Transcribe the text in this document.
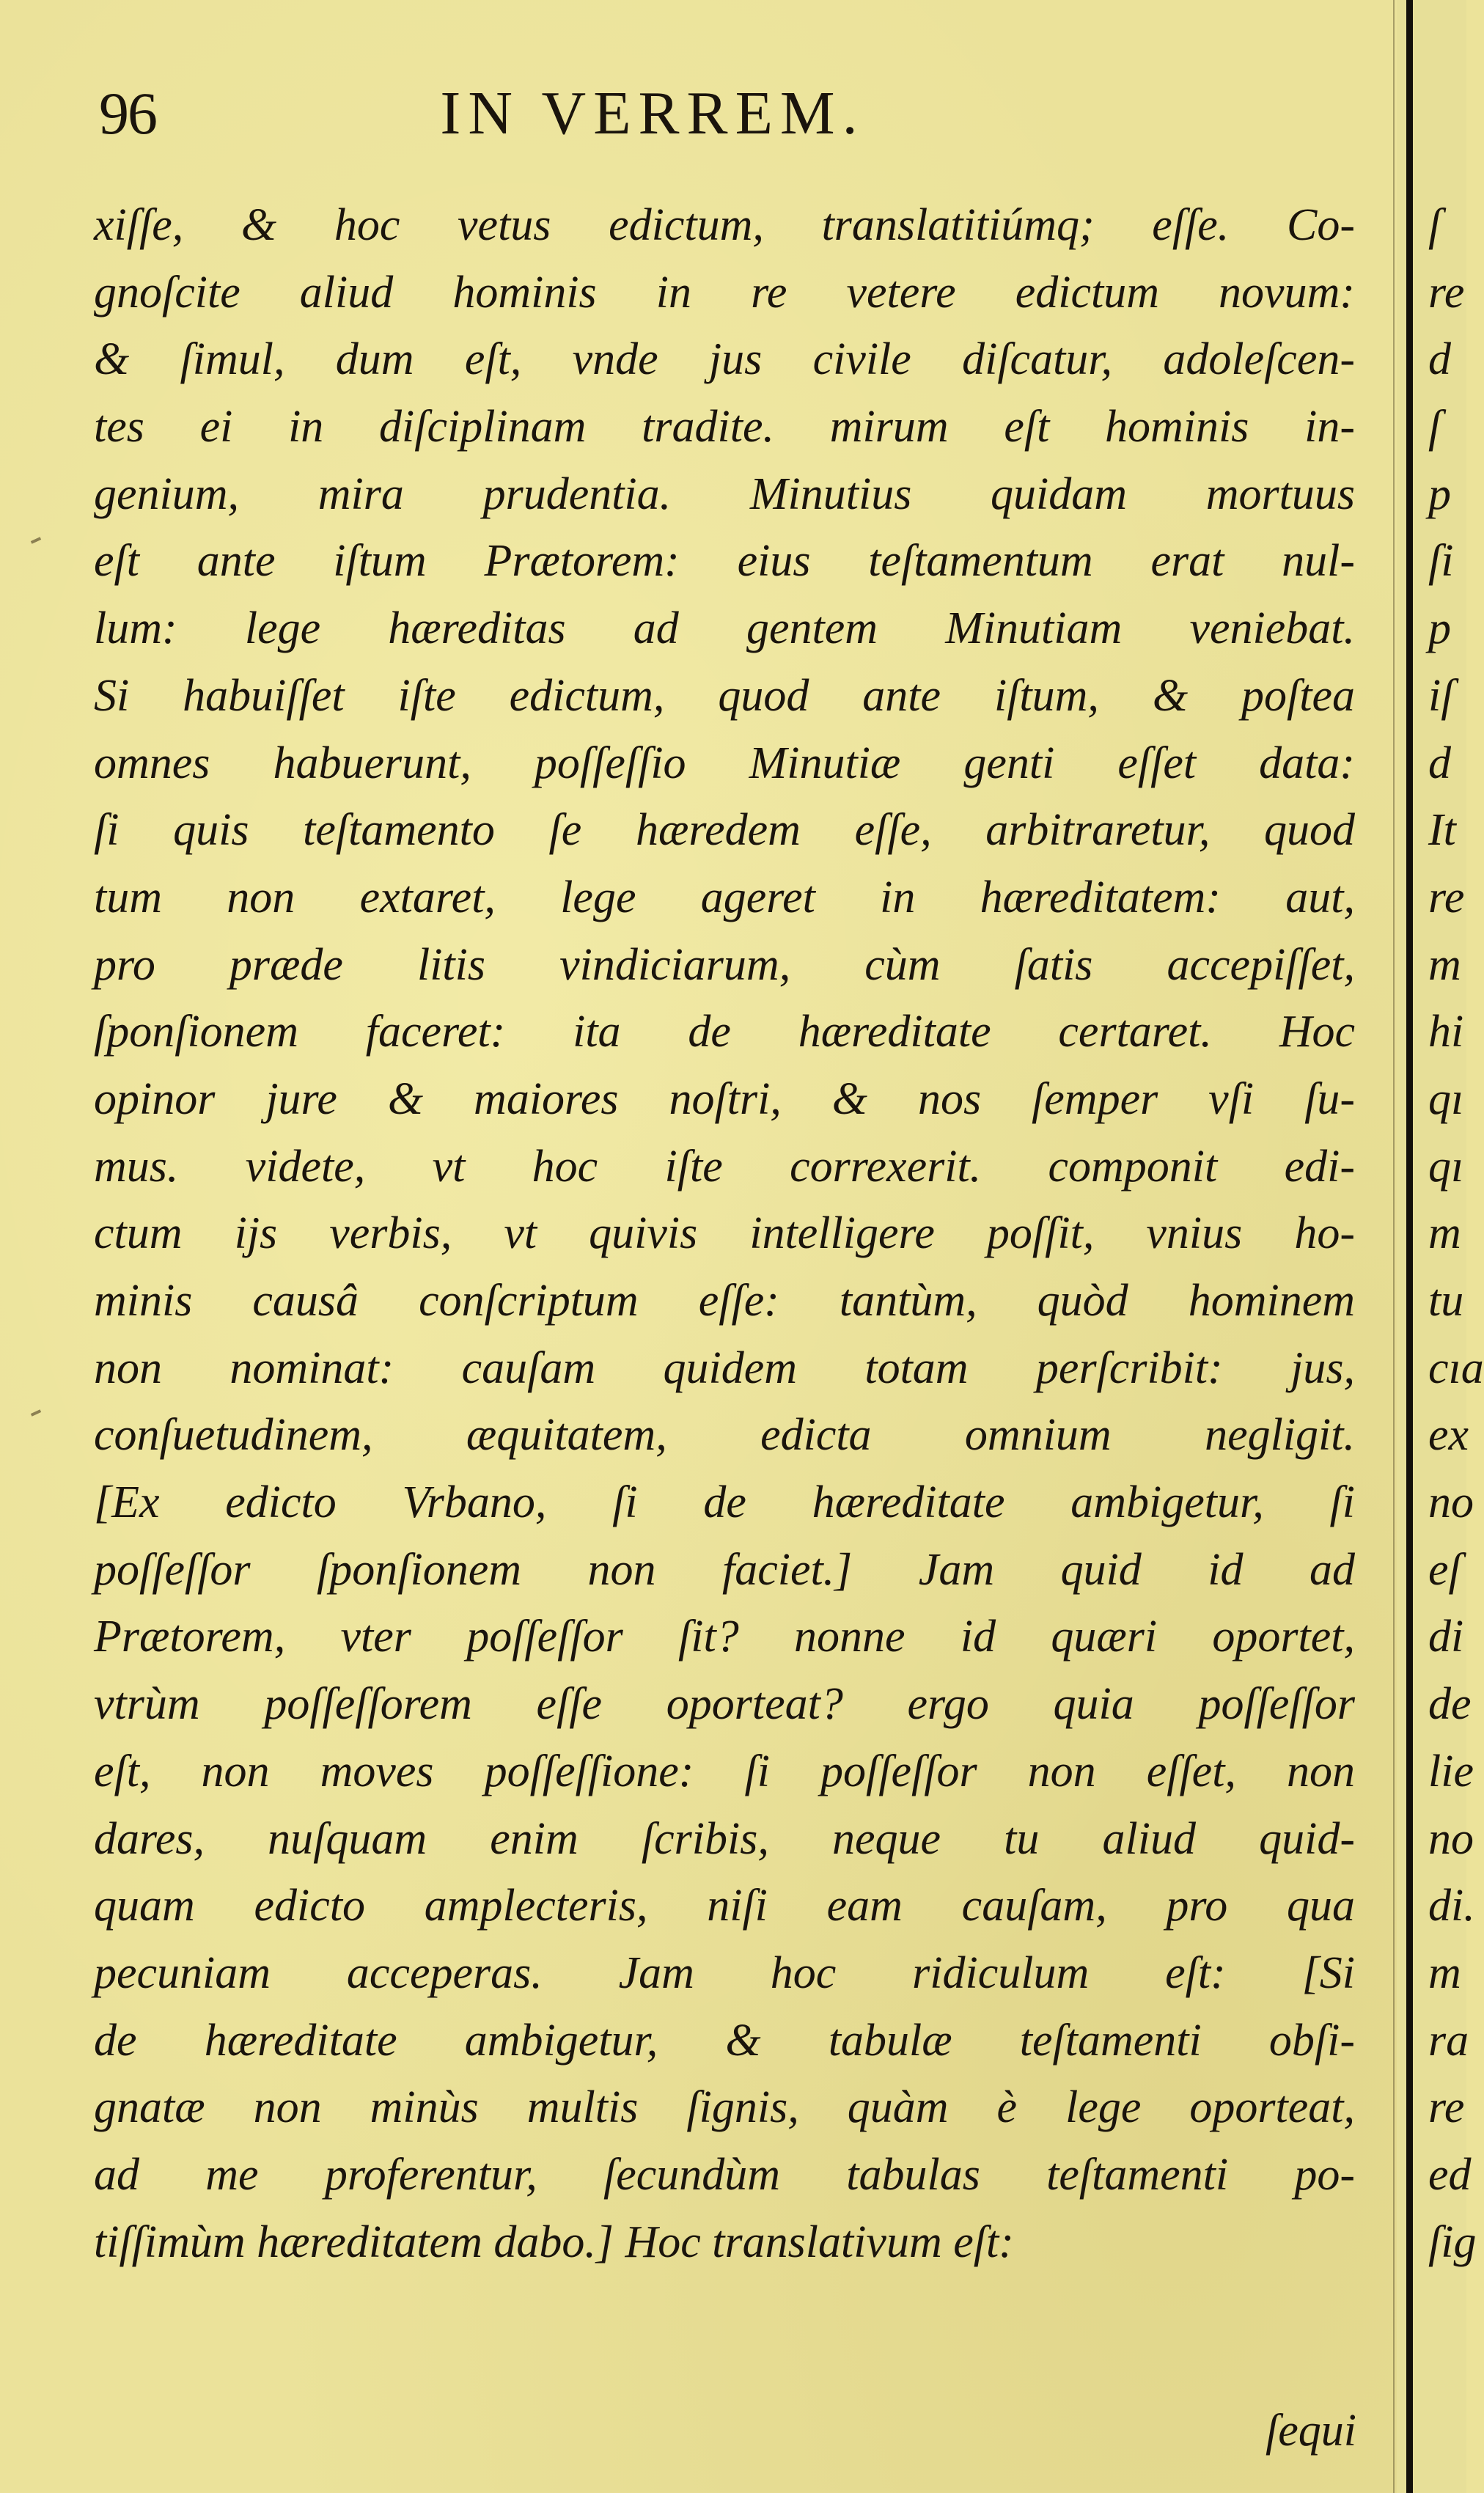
96	IN VERREM.
xiſſe, & hoc vetus edictum, translatitiúmq; eſſe. Co-
gnoſcite aliud hominis in re vetere edictum novum:
& ſimul, dum eſt, vnde jus civile diſcatur, adoleſcen-
tes ei in diſciplinam tradite. mirum eſt hominis in-
genium, mira prudentia. Minutius quidam mortuus
eſt ante iſtum Prætorem: eius teſtamentum erat nul-
lum: lege hæreditas ad gentem Minutiam veniebat.
Si habuiſſet iſte edictum, quod ante iſtum, & poſtea
omnes habuerunt, poſſeſſio Minutiæ genti eſſet data:
ſi quis teſtamento ſe hæredem eſſe, arbitraretur, quod
tum non extaret, lege ageret in hæreditatem: aut,
pro præde litis vindiciarum, cùm ſatis accepiſſet,
ſponſionem faceret: ita de hæreditate certaret. Hoc
opinor jure & maiores noſtri, & nos ſemper vſi ſu-
mus. videte, vt hoc iſte correxerit. componit edi-
ctum ijs verbis, vt quivis intelligere poſſit, vnius ho-
minis causâ conſcriptum eſſe: tantùm, quòd hominem
non nominat: cauſam quidem totam perſcribit: jus,
conſuetudinem, æquitatem, edicta omnium negligit.
[Ex edicto Vrbano, ſi de hæreditate ambigetur, ſi
poſſeſſor ſponſionem non faciet.] Jam quid id ad
Prætorem, vter poſſeſſor ſit? nonne id quæri oportet,
vtrùm poſſeſſorem eſſe oporteat? ergo quia poſſeſſor
eſt, non moves poſſeſſione: ſi poſſeſſor non eſſet, non
dares, nuſquam enim ſcribis, neque tu aliud quid-
quam edicto amplecteris, niſi eam cauſam, pro qua
pecuniam acceperas. Jam hoc ridiculum eſt: [Si
de hæreditate ambigetur, & tabulæ teſtamenti obſi-
gnatæ non minùs multis ſignis, quàm è lege oporteat,
ad me proferentur, ſecundùm tabulas teſtamenti po-
tiſſimùm hæreditatem dabo.] Hoc translativum eſt:
ſequi
ſ
re
d
ſ
p
ſi
p
iſ
d
It
re
m
hi
qı
qı
m
tu
cıa
ex
no
eſ
di
de
lie
no
di.
m
ra
re
ed
ſig
